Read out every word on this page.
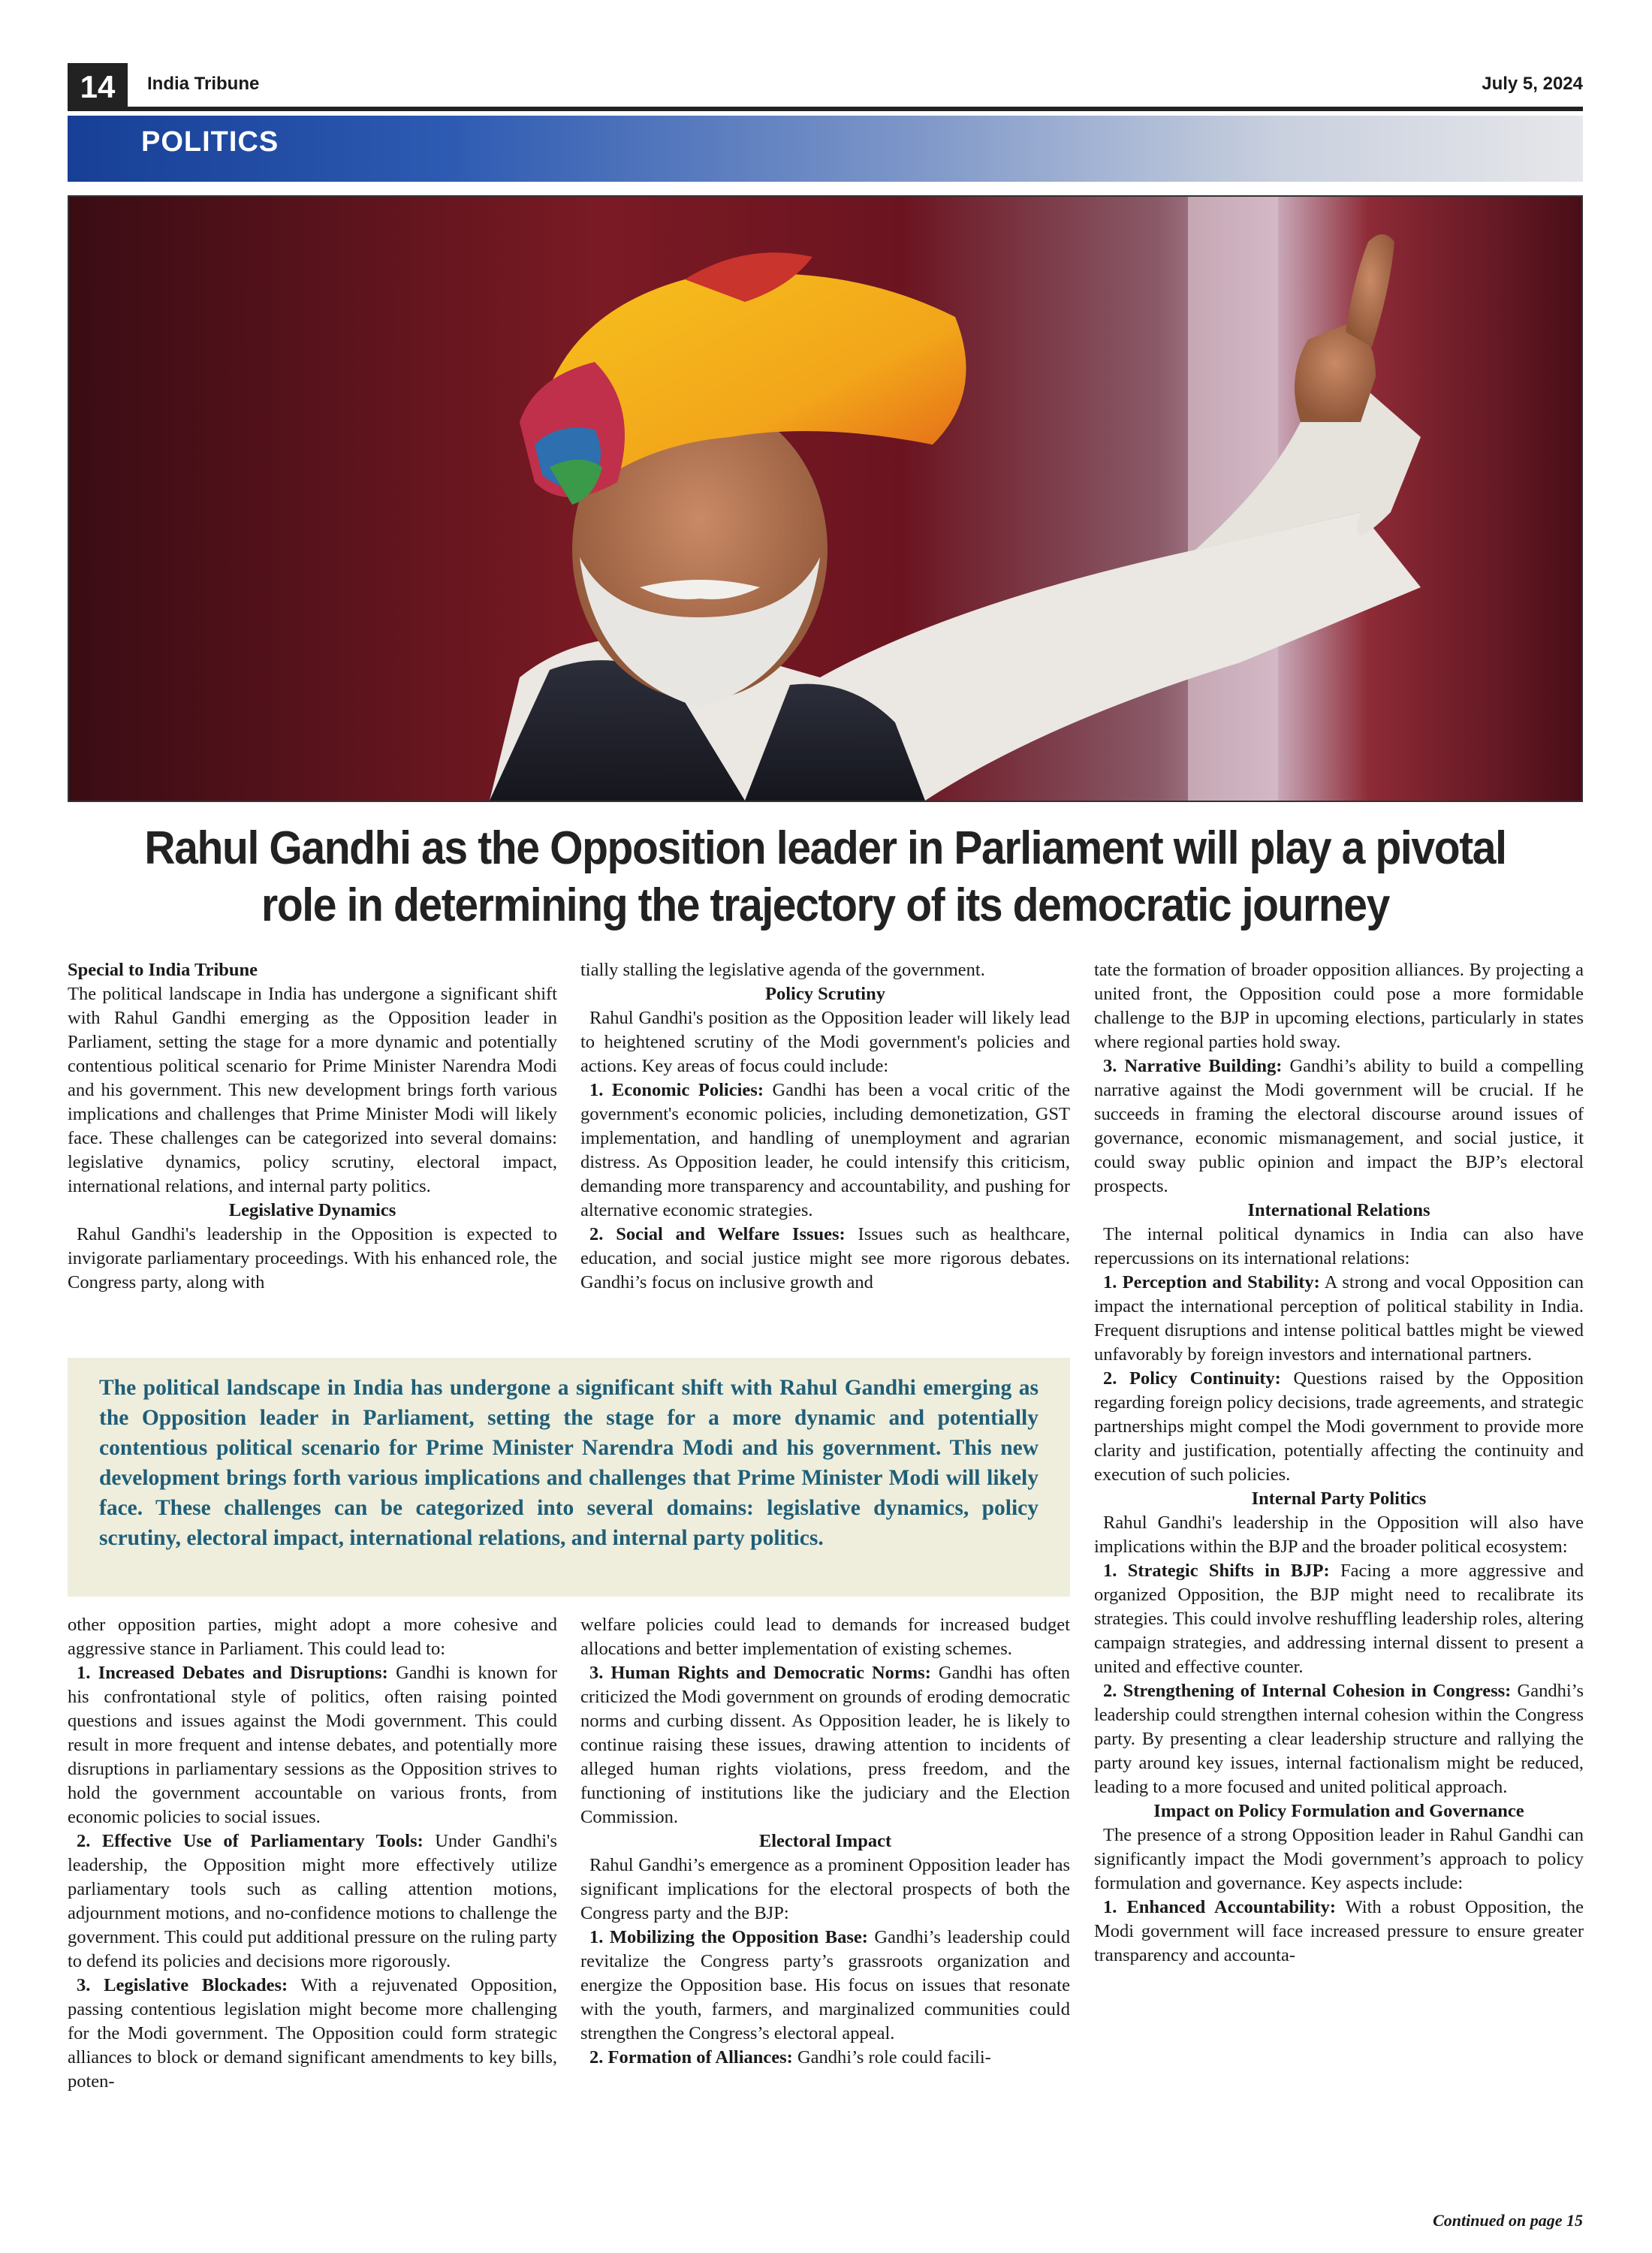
14	India Tribune	July 5, 2024
POLITICS
Rahul Gandhi as the Opposition leader in Parliament will play a pivotal role in determining the trajectory of its democratic journey

Special to India Tribune

The political landscape in India has undergone a significant shift with Rahul Gandhi emerging as the Opposition leader in Parliament, setting the stage for a more dynamic and potentially contentious political scenario for Prime Minister Narendra Modi and his government. This new development brings forth various implications and challenges that Prime Minister Modi will likely face. These challenges can be categorized into several domains: legislative dynamics, policy scrutiny, electoral impact, international relations, and internal party politics.

Legislative Dynamics

Rahul Gandhi's leadership in the Opposition is expected to invigorate parliamentary proceedings. With his enhanced role, the Congress party, along with

tially stalling the legislative agenda of the government.

Policy Scrutiny

Rahul Gandhi's position as the Opposition leader will likely lead to heightened scrutiny of the Modi government's policies and actions. Key areas of focus could include:

1. Economic Policies: Gandhi has been a vocal critic of the government's economic policies, including demonetization, GST implementation, and handling of unemployment and agrarian distress. As Opposition leader, he could intensify this criticism, demanding more transparency and accountability, and pushing for alternative economic strategies.

2. Social and Welfare Issues: Issues such as healthcare, education, and social justice might see more rigorous debates. Gandhi’s focus on inclusive growth and

tate the formation of broader opposition alliances. By projecting a united front, the Opposition could pose a more formidable challenge to the BJP in upcoming elections, particularly in states where regional parties hold sway.

3. Narrative Building: Gandhi’s ability to build a compelling narrative against the Modi government will be crucial. If he succeeds in framing the electoral discourse around issues of governance, economic mismanagement, and social justice, it could sway public opinion and impact the BJP’s electoral prospects.

International Relations

The internal political dynamics in India can also have repercussions on its international relations:

1. Perception and Stability: A strong and vocal Opposition can impact the international perception of political stability in India. Frequent disruptions and intense political battles might be viewed unfavorably by foreign investors and international partners.

2. Policy Continuity: Questions raised by the Opposition regarding foreign policy decisions, trade agreements, and strategic partnerships might compel the Modi government to provide more clarity and justification, potentially affecting the continuity and execution of such policies.

Internal Party Politics

Rahul Gandhi's leadership in the Opposition will also have implications within the BJP and the broader political ecosystem:

1. Strategic Shifts in BJP: Facing a more aggressive and organized Opposition, the BJP might need to recalibrate its strategies. This could involve reshuffling leadership roles, altering campaign strategies, and addressing internal dissent to present a united and effective counter.

2. Strengthening of Internal Cohesion in Congress: Gandhi’s leadership could strengthen internal cohesion within the Congress party. By presenting a clear leadership structure and rallying the party around key issues, internal factionalism might be reduced, leading to a more focused and united political approach.

Impact on Policy Formulation and Governance

The presence of a strong Opposition leader in Rahul Gandhi can significantly impact the Modi government’s approach to policy formulation and governance. Key aspects include:

1. Enhanced Accountability: With a robust Opposition, the Modi government will face increased pressure to ensure greater transparency and accounta-

Continued on page 15
The political landscape in India has undergone a significant shift with Rahul Gandhi emerging as the Opposition leader in Parliament, setting the stage for a more dynamic and potentially contentious political scenario for Prime Minister Narendra Modi and his government. This new development brings forth various implications and challenges that Prime Minister Modi will likely face. These challenges can be categorized into several domains: legislative dynamics, policy scrutiny, electoral impact, international relations, and internal party politics.

other opposition parties, might adopt a more cohesive and aggressive stance in Parliament. This could lead to:

1. Increased Debates and Disruptions: Gandhi is known for his confrontational style of politics, often raising pointed questions and issues against the Modi government. This could result in more frequent and intense debates, and potentially more disruptions in parliamentary sessions as the Opposition strives to hold the government accountable on various fronts, from economic policies to social issues.

2. Effective Use of Parliamentary Tools: Under Gandhi's leadership, the Opposition might more effectively utilize parliamentary tools such as calling attention motions, adjournment motions, and no-confidence motions to challenge the government. This could put additional pressure on the ruling party to defend its policies and decisions more rigorously.

3. Legislative Blockades: With a rejuvenated Opposition, passing contentious legislation might become more challenging for the Modi government. The Opposition could form strategic alliances to block or demand significant amendments to key bills, poten-

welfare policies could lead to demands for increased budget allocations and better implementation of existing schemes.

3. Human Rights and Democratic Norms: Gandhi has often criticized the Modi government on grounds of eroding democratic norms and curbing dissent. As Opposition leader, he is likely to continue raising these issues, drawing attention to incidents of alleged human rights violations, press freedom, and the functioning of institutions like the judiciary and the Election Commission.

Electoral Impact

Rahul Gandhi’s emergence as a prominent Opposition leader has significant implications for the electoral prospects of both the Congress party and the BJP:

1. Mobilizing the Opposition Base: Gandhi’s leadership could revitalize the Congress party’s grassroots organization and energize the Opposition base. His focus on issues that resonate with the youth, farmers, and marginalized communities could strengthen the Congress’s electoral appeal.

2. Formation of Alliances: Gandhi’s role could facili-
